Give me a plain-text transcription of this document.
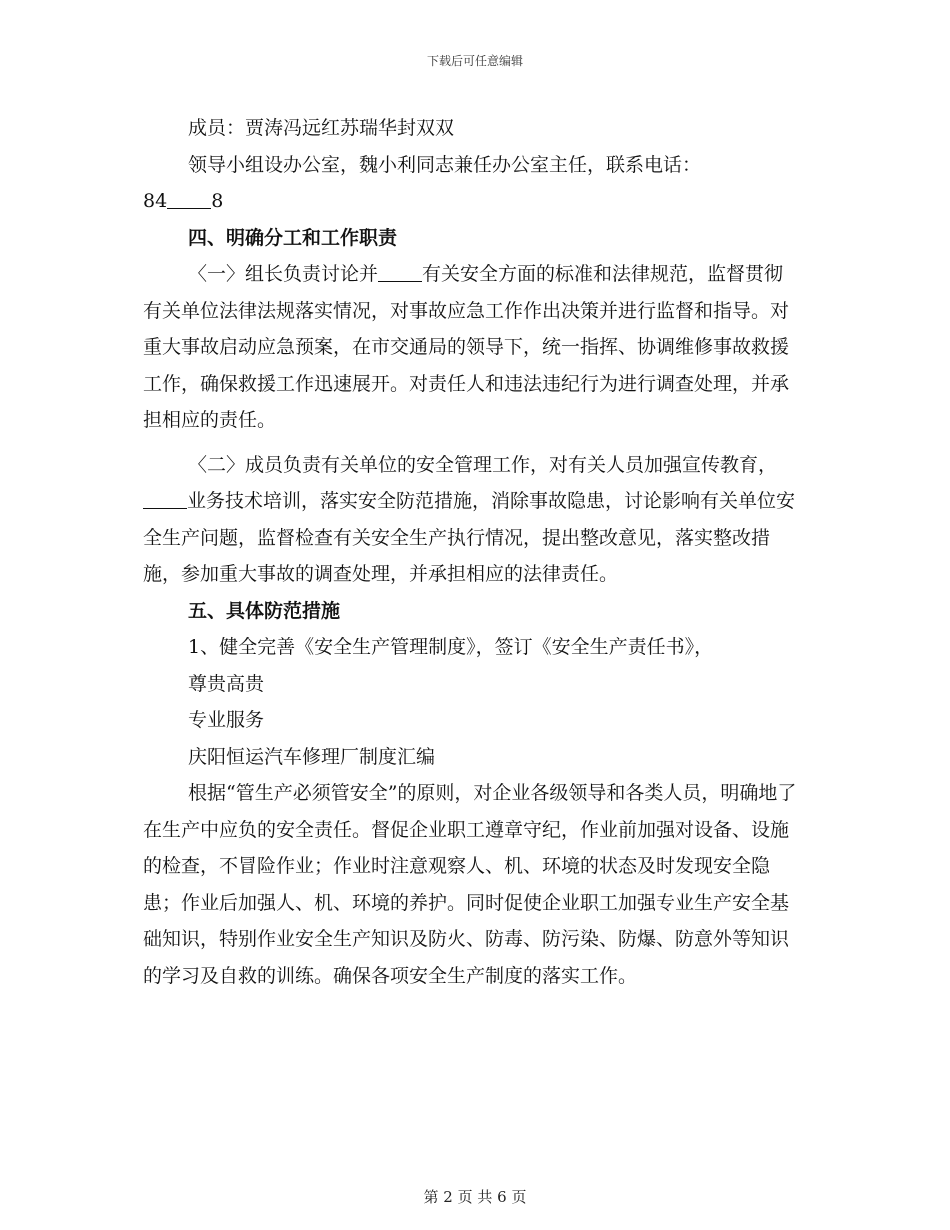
下载后可任意编辑

成员：贾涛冯远红苏瑞华封双双

领导小组设办公室，魏小利同志兼任办公室主任，联系电话：

84 8

四、明确分工和工作职责

〈一〉组长负责讨论并 有关安全方面的标准和法律规范，监督贯彻有关单位法律法规落实情况，对事故应急工作作出决策并进行监督和指导。对重大事故启动应急预案，在市交通局的领导下，统一指挥、协调维修事故救援工作，确保救援工作迅速展开。对责任人和违法违纪行为进行调查处理，并承担相应的责任。

〈二〉成员负责有关单位的安全管理工作，对有关人员加强宣传教育，业务技术培训，落实安全防范措施，消除事故隐患，讨论影响有关单位安全生产问题，监督检查有关安全生产执行情况，提出整改意见，落实整改措施，参加重大事故的调查处理，并承担相应的法律责任。

五、具体防范措施

1、健全完善《安全生产管理制度》，签订《安全生产责任书》，

尊贵高贵

专业服务

庆阳恒运汽车修理厂制度汇编

根据“管生产必须管安全”的原则，对企业各级领导和各类人员，明确地了在生产中应负的安全责任。督促企业职工遵章守纪，作业前加强对设备、设施的检查，不冒险作业；作业时注意观察人、机、环境的状态及时发现安全隐患；作业后加强人、机、环境的养护。同时促使企业职工加强专业生产安全基础知识，特别作业安全生产知识及防火、防毒、防污染、防爆、防意外等知识的学习及自救的训练。确保各项安全生产制度的落实工作。

第 2 页 共 6 页
